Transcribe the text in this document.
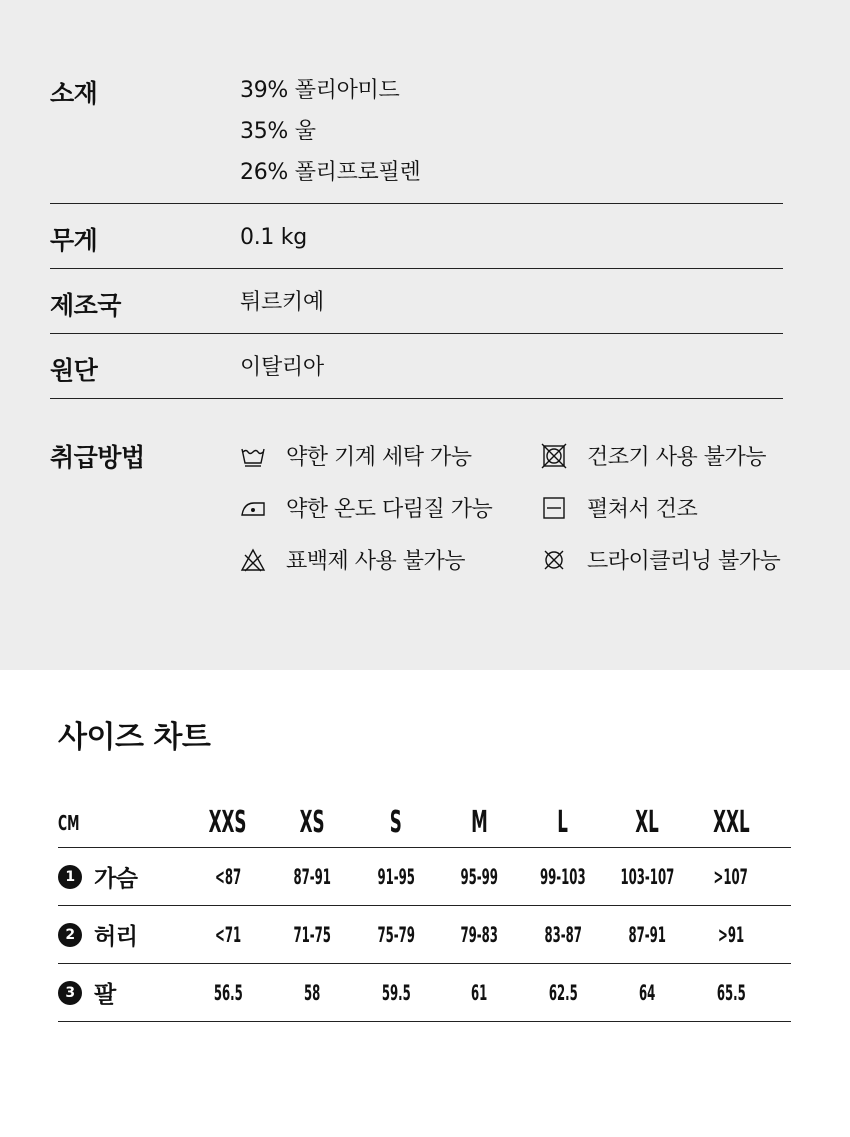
소재	39% 폴리아미드
35% 울
26% 폴리프로필렌
무게	0.1 kg
제조국	튀르키예
원단	이탈리아
취급방법	약한 기계 세탁 가능	건조기 사용 불가능
약한 온도 다림질 가능	펼쳐서 건조
표백제 사용 불가능	드라이클리닝 불가능
사이즈 차트
CM	XXS XS S M L XL XXL
1 가슴	<87 87-91 91-95 95-99 99-103 103-107 >107
2 허리	<71 71-75 75-79 79-83 83-87 87-91 >91
3 팔	56.5	58	59.5	61	62.5	64	65.5
